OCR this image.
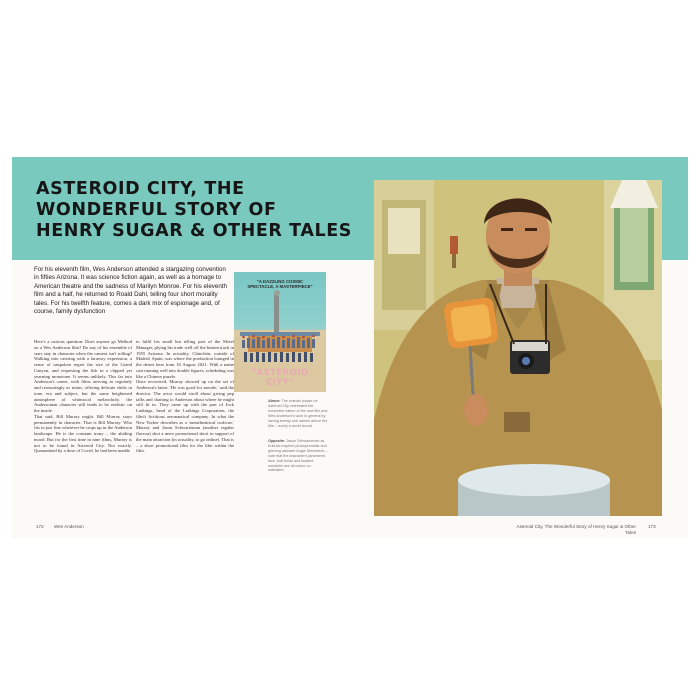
ASTEROID CITY, THE
WONDERFUL STORY OF
HENRY SUGAR & OTHER TALES

For his eleventh film, Wes Anderson attended a stargazing convention in fifties Arizona. It was science fiction again, as well as a homage to American theatre and the sadness of Marilyn Monroe. For his eleventh film and a half, he returned to Roald Dahl, telling four short morality tales. For his twelfth feature, comes a dark mix of espionage and, of course, family dysfunction

Here's a curious question: Does anyone go Method on a Wes Anderson film? Do any of his ensemble of stars stay in character when the camera isn't rolling? Walking into catering with a faraway expression, a sense of unspoken regret the size of the Grand Canyon, and requesting the fish in a clipped yet yearning monotone. It seems unlikely. This far into Anderson's career, with films arriving as regularly and reassuringly as trains, offering delicate shifts in tone, era and subject, but the same heightened atmosphere of whimsical melancholy, the Andersonian character still tends to be realistic on the inside.
That said, Bill Murray might. Bill Murray stays permanently in character. That is Bill Murray. Who fits in just fine wherever he crops up in the Anderson landscape. He is the constant irony – the abiding mood. But for the first time in nine films, Murray is not to be found in Asteroid City. Not exactly. Quarantined by a dose of Covid, he had been unable

to fulfil his small but telling part of the Motel Manager, plying his trade well off the beaten track in 1955 Arizona. In actuality, Chinchón, outside of Madrid, Spain, was where the production lounged in the desert heat from 16 August 2021. With a name cast running well into double figures, scheduling was like a Chinese puzzle.
Once recovered, Murray showed up on the set of Anderson's latest. 'He was good for morale,' said the director. The actor would stroll about giving pep talks and chatting to Anderson about where he might still fit in. They came up with the part of Jock Larkings, head of the Larkings Corporation, the film's fictitious aeronautical company. In what the New Yorker describes as a 'metatheatrical curlicue,' Murray and Jason Schwartzman (another regular flavour) shot a mere promotional short in support of the main attraction (in actuality, to go online). That is – a short promotional film for the film within the film.

"A DAZZLING COSMIC SPECTACLE, A MASTERPIECE"

"ASTEROID CITY"

Above: The eclectic poster for Asteroid City celebrated the ensemble nature of the new film and Wes Anderson's work in general by having twenty-one names above the title – surely a world record.

Opposite: Jason Schwartzman as Kubrick-inspired photojournalist and grieving widower Augie Steenbeck – note that the character's jammered face, buff bolds and toasted sandwich are all colour co-ordinated.

172 Wes Anderson	Asteroid City, The Wonderful Story of Henry Sugar & Other Tales
173
